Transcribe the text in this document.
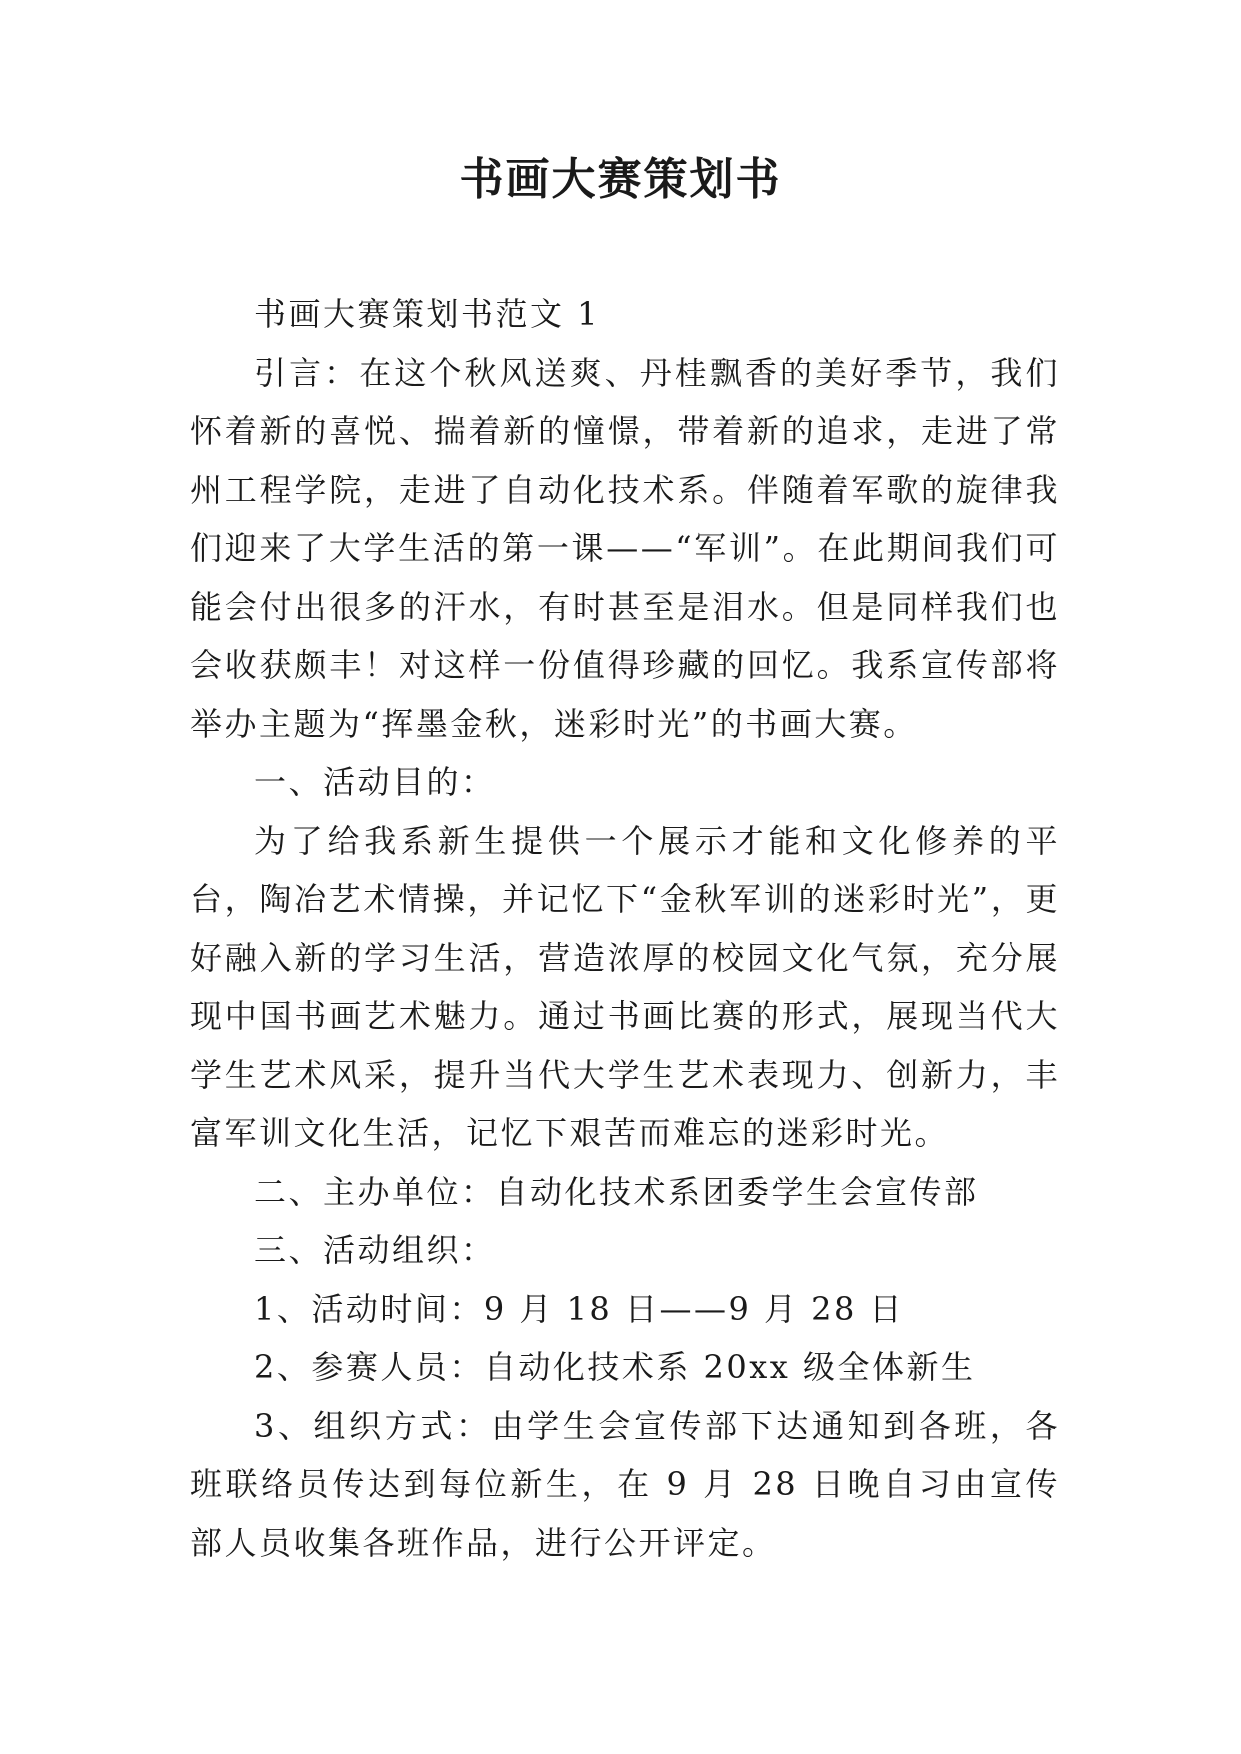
书画大赛策划书

书画大赛策划书范文 1

引言：在这个秋风送爽、丹桂飘香的美好季节，我们怀着新的喜悦、揣着新的憧憬，带着新的追求，走进了常州工程学院，走进了自动化技术系。伴随着军歌的旋律我们迎来了大学生活的第一课——“军训”。在此期间我们可能会付出很多的汗水，有时甚至是泪水。但是同样我们也会收获颇丰！对这样一份值得珍藏的回忆。我系宣传部将举办主题为“挥墨金秋，迷彩时光”的书画大赛。

一、活动目的：

为了给我系新生提供一个展示才能和文化修养的平台，陶冶艺术情操，并记忆下“金秋军训的迷彩时光”，更好融入新的学习生活，营造浓厚的校园文化气氛，充分展现中国书画艺术魅力。通过书画比赛的形式，展现当代大学生艺术风采，提升当代大学生艺术表现力、创新力，丰富军训文化生活，记忆下艰苦而难忘的迷彩时光。

二、主办单位：自动化技术系团委学生会宣传部

三、活动组织：

1、活动时间：9 月 18 日——9 月 28 日

2、参赛人员：自动化技术系 20xx 级全体新生

3、组织方式：由学生会宣传部下达通知到各班，各班联络员传达到每位新生，在 9 月 28 日晚自习由宣传部人员收集各班作品，进行公开评定。
